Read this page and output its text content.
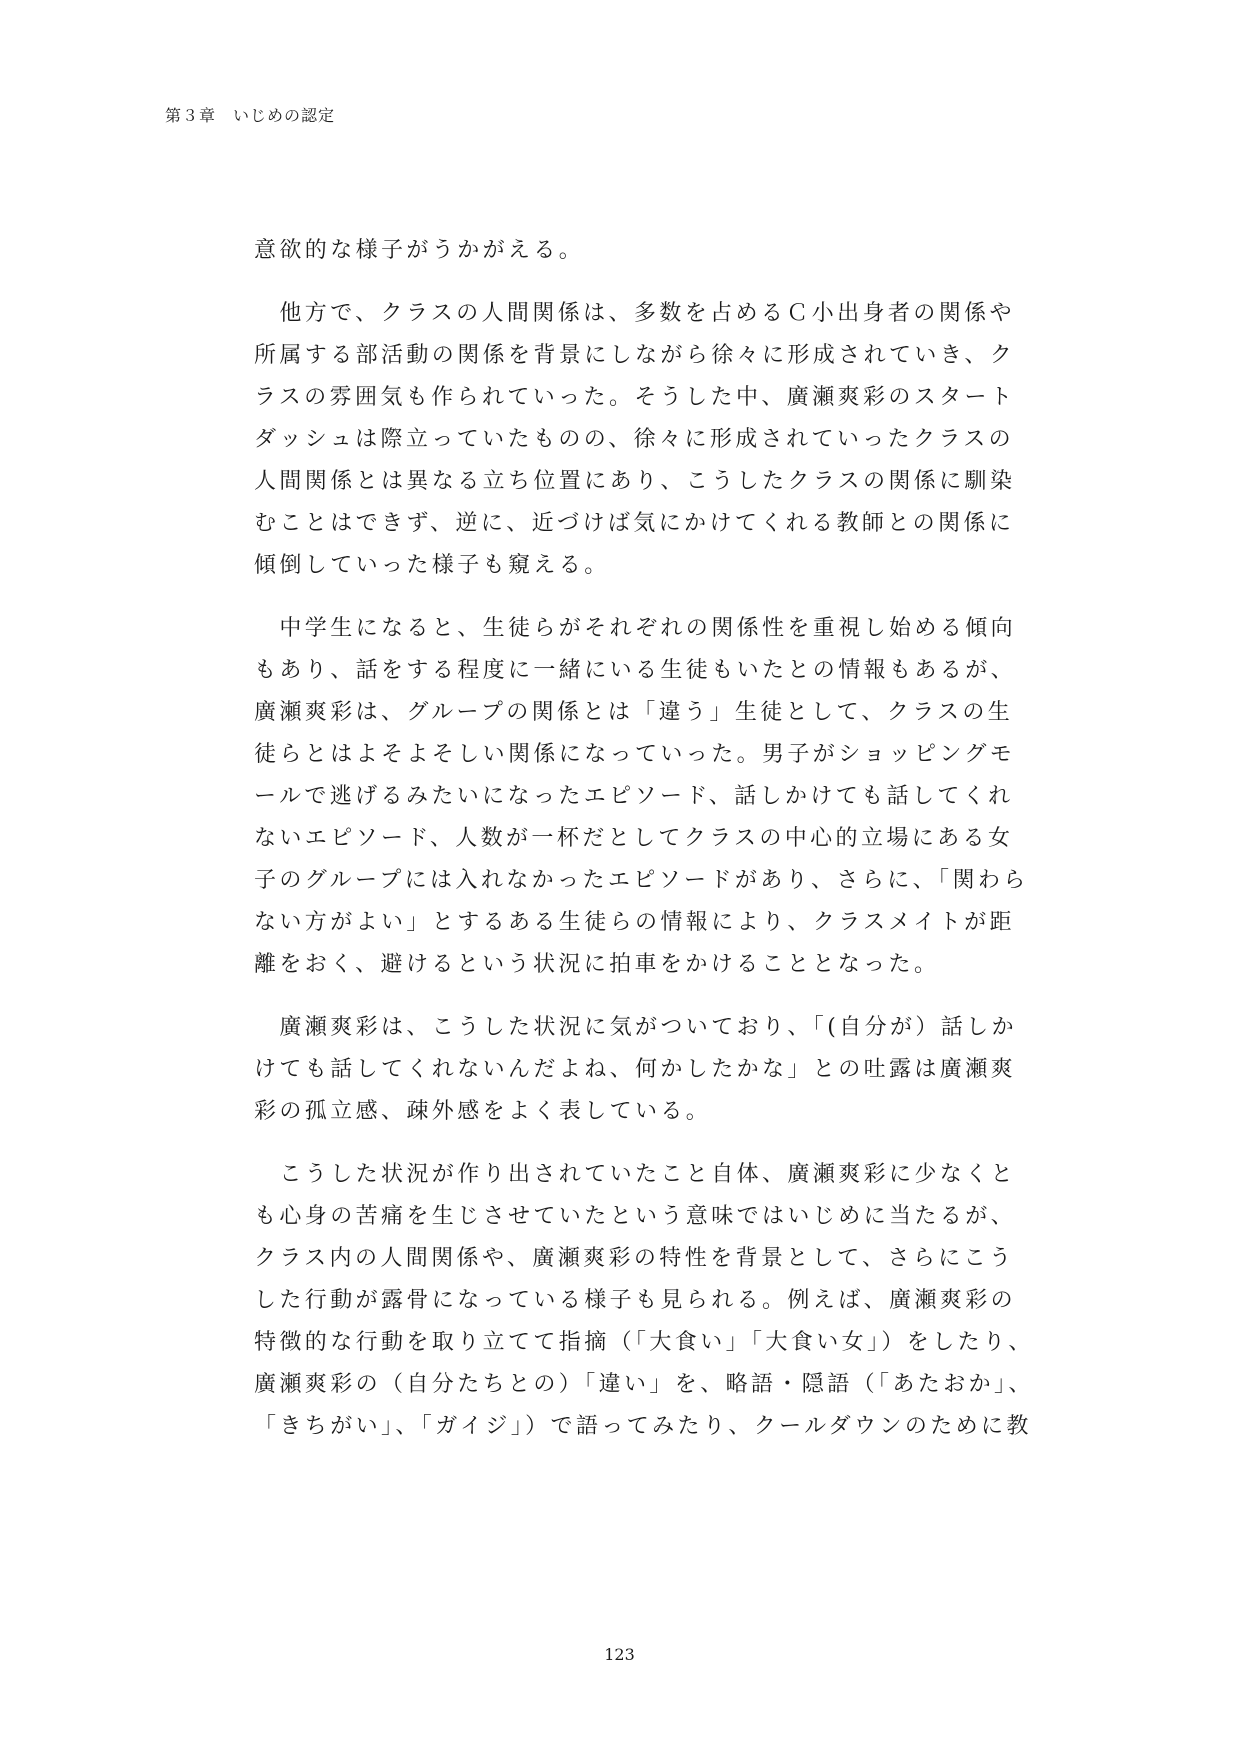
第３章　いじめの認定
意欲的な様子がうかがえる。
　他方で、クラスの人間関係は、多数を占めるＣ小出身者の関係や
所属する部活動の関係を背景にしながら徐々に形成されていき、ク
ラスの雰囲気も作られていった。そうした中、廣瀬爽彩のスタート
ダッシュは際立っていたものの、徐々に形成されていったクラスの
人間関係とは異なる立ち位置にあり、こうしたクラスの関係に馴染
むことはできず、逆に、近づけば気にかけてくれる教師との関係に
傾倒していった様子も窺える。
　中学生になると、生徒らがそれぞれの関係性を重視し始める傾向
もあり、話をする程度に一緒にいる生徒もいたとの情報もあるが、
廣瀬爽彩は、グループの関係とは「違う」生徒として、クラスの生
徒らとはよそよそしい関係になっていった。男子がショッピングモ
ールで逃げるみたいになったエピソード、話しかけても話してくれ
ないエピソード、人数が一杯だとしてクラスの中心的立場にある女
子のグループには入れなかったエピソードがあり、さらに、「関わら
ない方がよい」とするある生徒らの情報により、クラスメイトが距
離をおく、避けるという状況に拍車をかけることとなった。
　廣瀬爽彩は、こうした状況に気がついており、「(自分が）話しか
けても話してくれないんだよね、何かしたかな」との吐露は廣瀬爽
彩の孤立感、疎外感をよく表している。
　こうした状況が作り出されていたこと自体、廣瀬爽彩に少なくと
も心身の苦痛を生じさせていたという意味ではいじめに当たるが、
クラス内の人間関係や、廣瀬爽彩の特性を背景として、さらにこう
した行動が露骨になっている様子も見られる。例えば、廣瀬爽彩の
特徴的な行動を取り立てて指摘（「大食い」「大食い女」）をしたり、
廣瀬爽彩の（自分たちとの）「違い」を、略語・隠語（「あたおか」、
「きちがい」、「ガイジ」）で語ってみたり、クールダウンのために教
123
